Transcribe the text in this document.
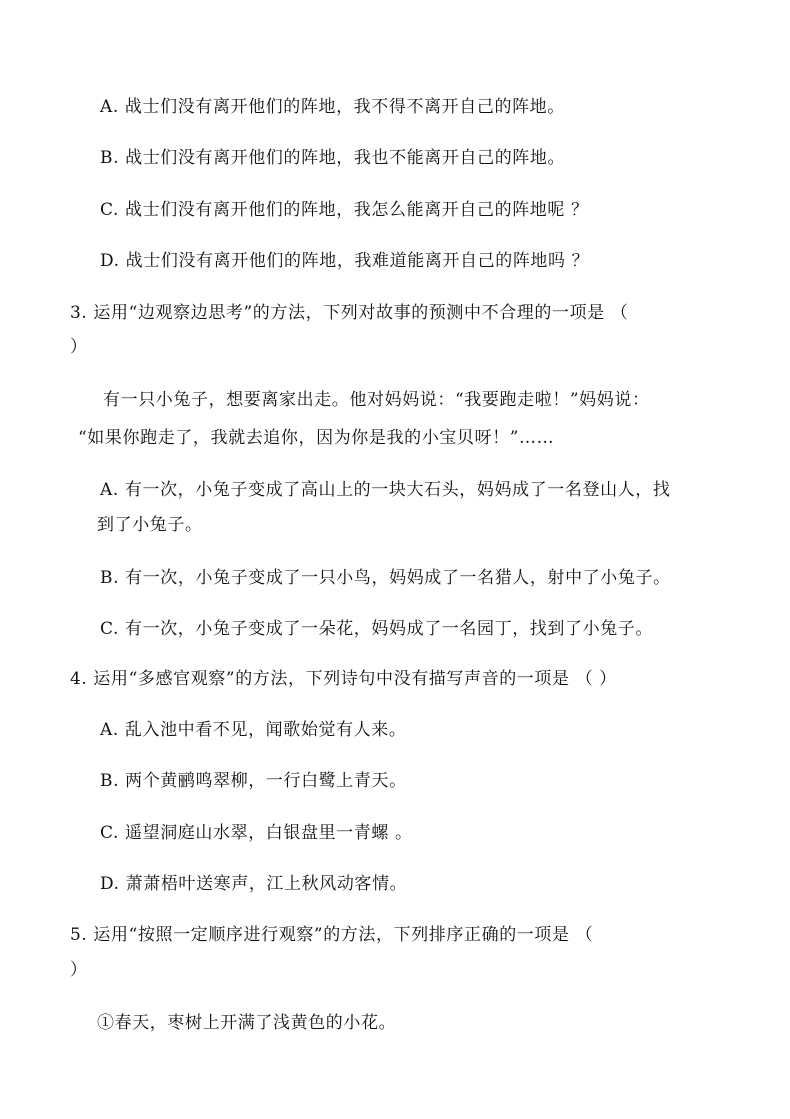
A. 战士们没有离开他们的阵地，我不得不离开自己的阵地。
B. 战士们没有离开他们的阵地，我也不能离开自己的阵地。
C. 战士们没有离开他们的阵地，我怎么能离开自己的阵地呢 ？
D. 战士们没有离开他们的阵地，我难道能离开自己的阵地吗 ？
3. 运用“边观察边思考”的方法，下列对故事的预测中不合理的一项是 （
）
有一只小兔子，想要离家出走。他对妈妈说：“我要跑走啦！”妈妈说：
“如果你跑走了，我就去追你，因为你是我的小宝贝呀！”……
A. 有一次，小兔子变成了高山上的一块大石头，妈妈成了一名登山人，找
到了小兔子。
B. 有一次，小兔子变成了一只小鸟，妈妈成了一名猎人，射中了小兔子。
C. 有一次，小兔子变成了一朵花，妈妈成了一名园丁，找到了小兔子。
4. 运用“多感官观察”的方法，下列诗句中没有描写声音的一项是 （ ）
A. 乱入池中看不见，闻歌始觉有人来。
B. 两个黄鹂鸣翠柳，一行白鹭上青天。
C. 遥望洞庭山水翠，白银盘里一青螺 。
D. 萧萧梧叶送寒声，江上秋风动客情。
5. 运用“按照一定顺序进行观察”的方法，下列排序正确的一项是 （
）
①春天，枣树上开满了浅黄色的小花。
